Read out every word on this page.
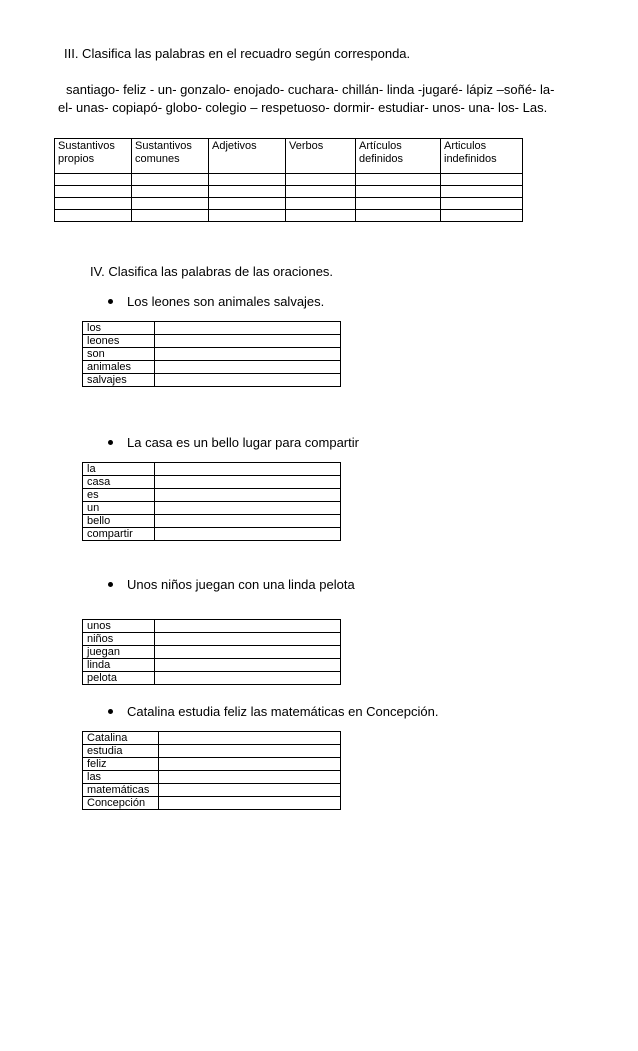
III. Clasifica las palabras en el recuadro según corresponda.
santiago- feliz - un- gonzalo- enojado- cuchara- chillán- linda -jugaré- lápiz –soñé- la-
el- unas- copiapó- globo- colegio – respetuoso- dormir- estudiar- unos- una- los- Las.
Sustantivos propios	Sustantivos comunes	Adjetivos	Verbos	Artículos definidos	Articulos indefinidos

IV. Clasifica las palabras de las oraciones.
Los leones son animales salvajes.
los	
leones	
son	
animales	
salvajes	
La casa es un bello lugar para compartir
la	
casa	
es	
un	
bello	
compartir	
Unos niños juegan con una linda pelota
unos	
niños	
juegan	
linda	
pelota	
Catalina estudia feliz las matemáticas en Concepción.
Catalina	
estudia	
feliz	
las	
matemáticas	
Concepción	
